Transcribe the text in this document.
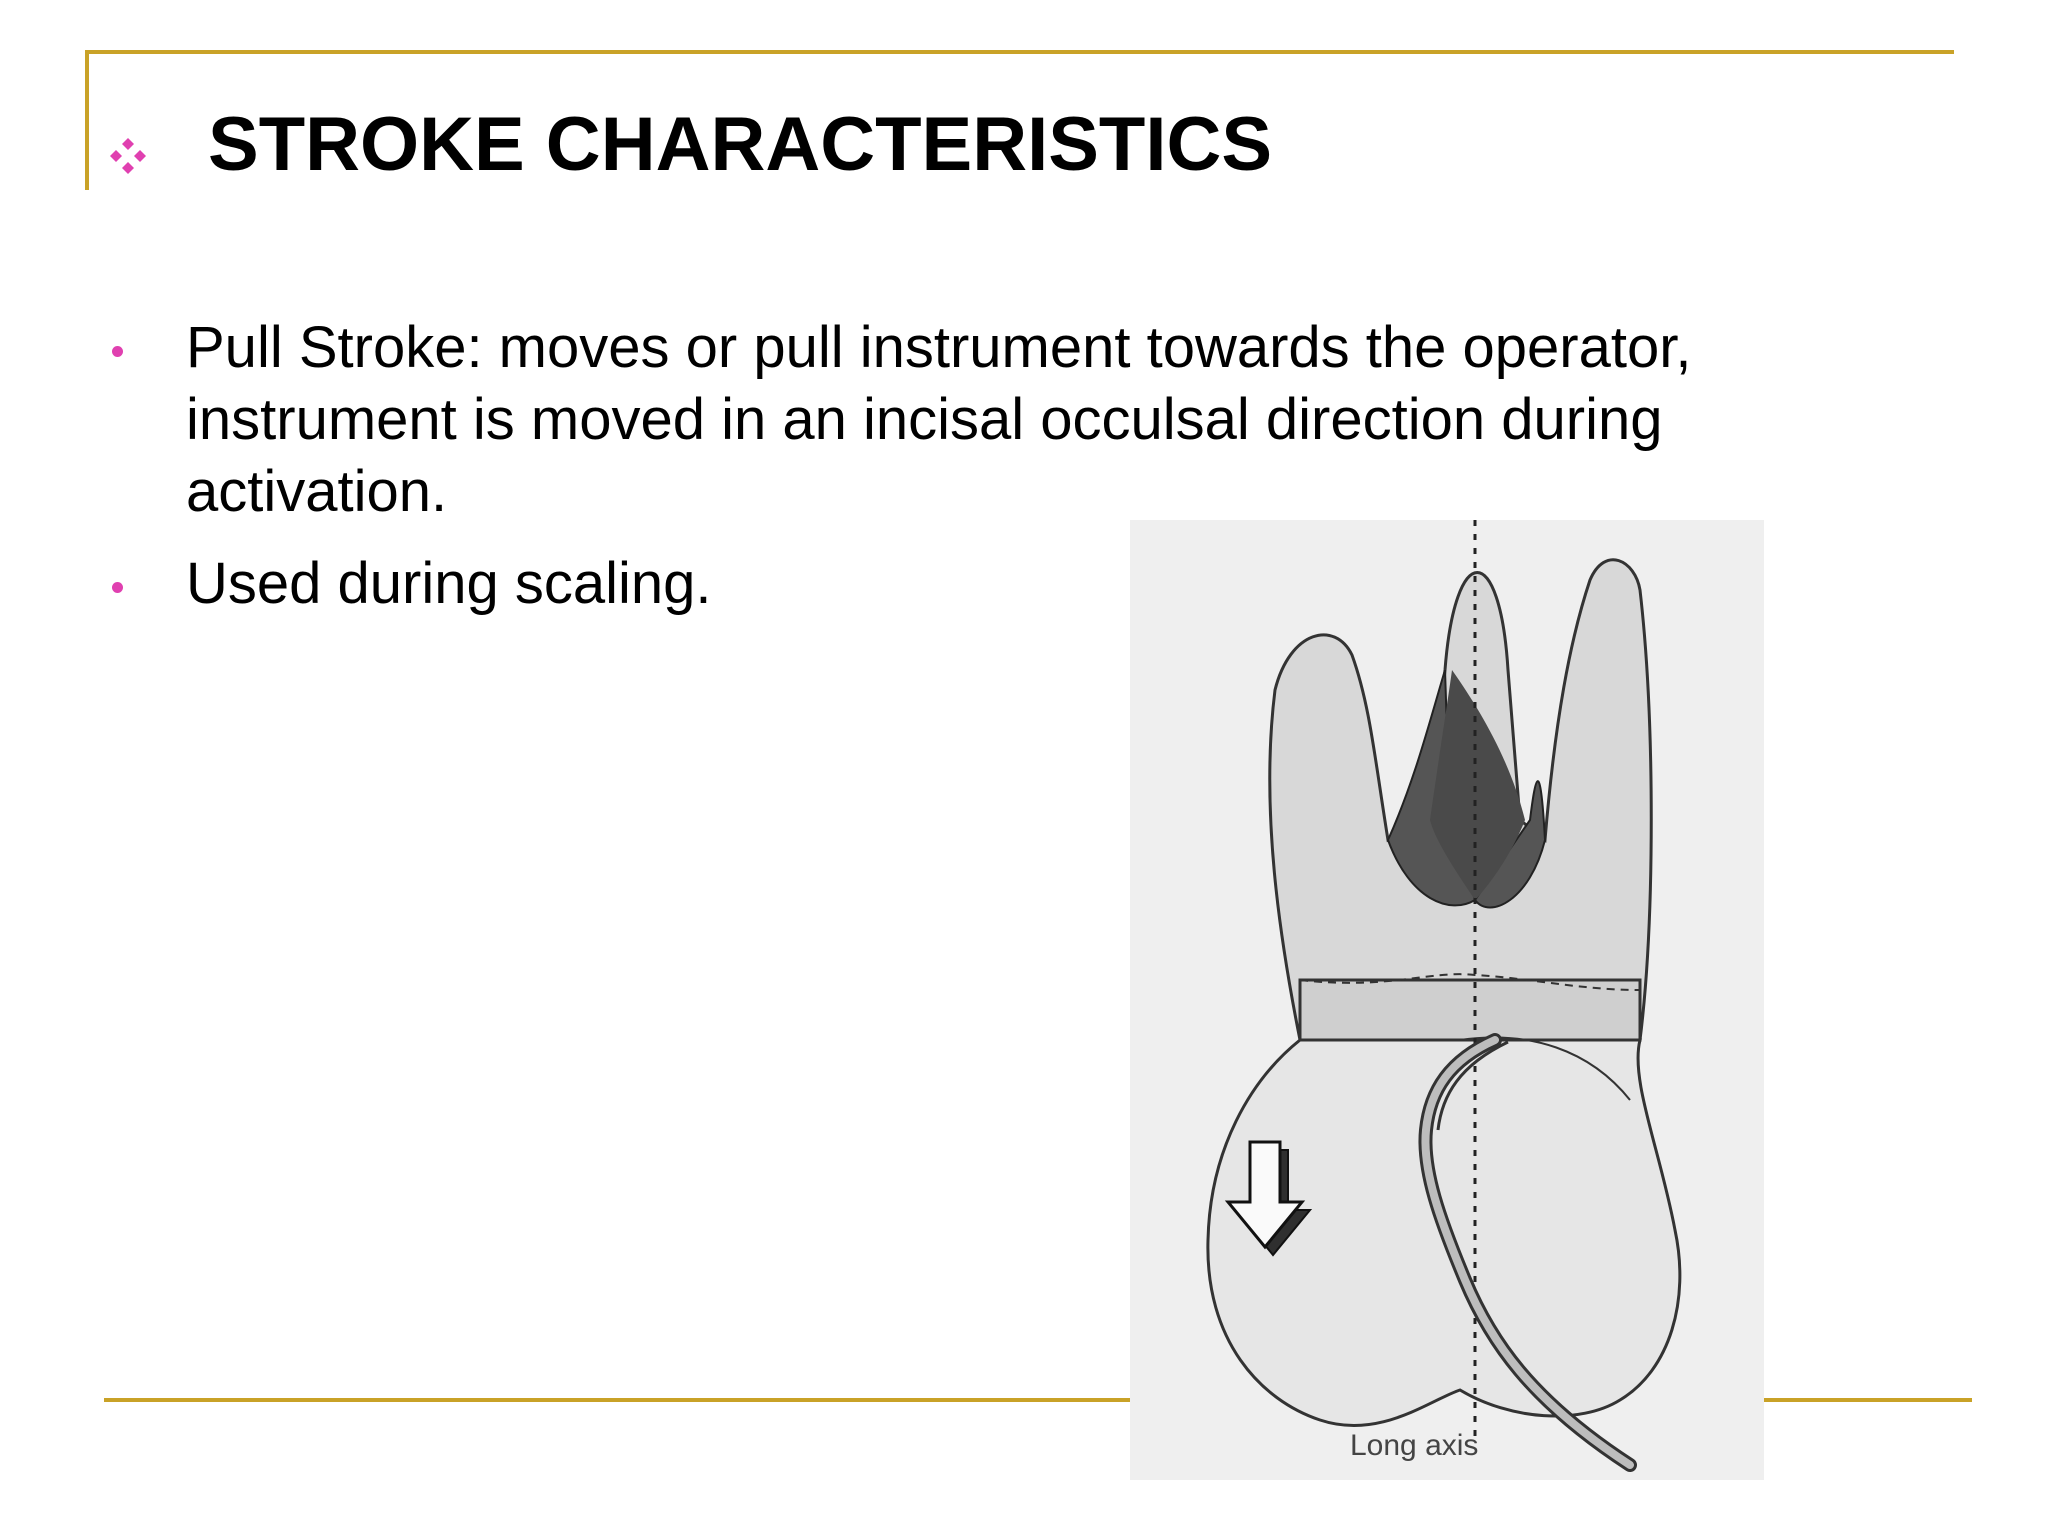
STROKE CHARACTERISTICS
Pull Stroke: moves or pull instrument towards the operator, instrument is moved in an incisal occulsal direction during activation.
Used during scaling.
Long axis
